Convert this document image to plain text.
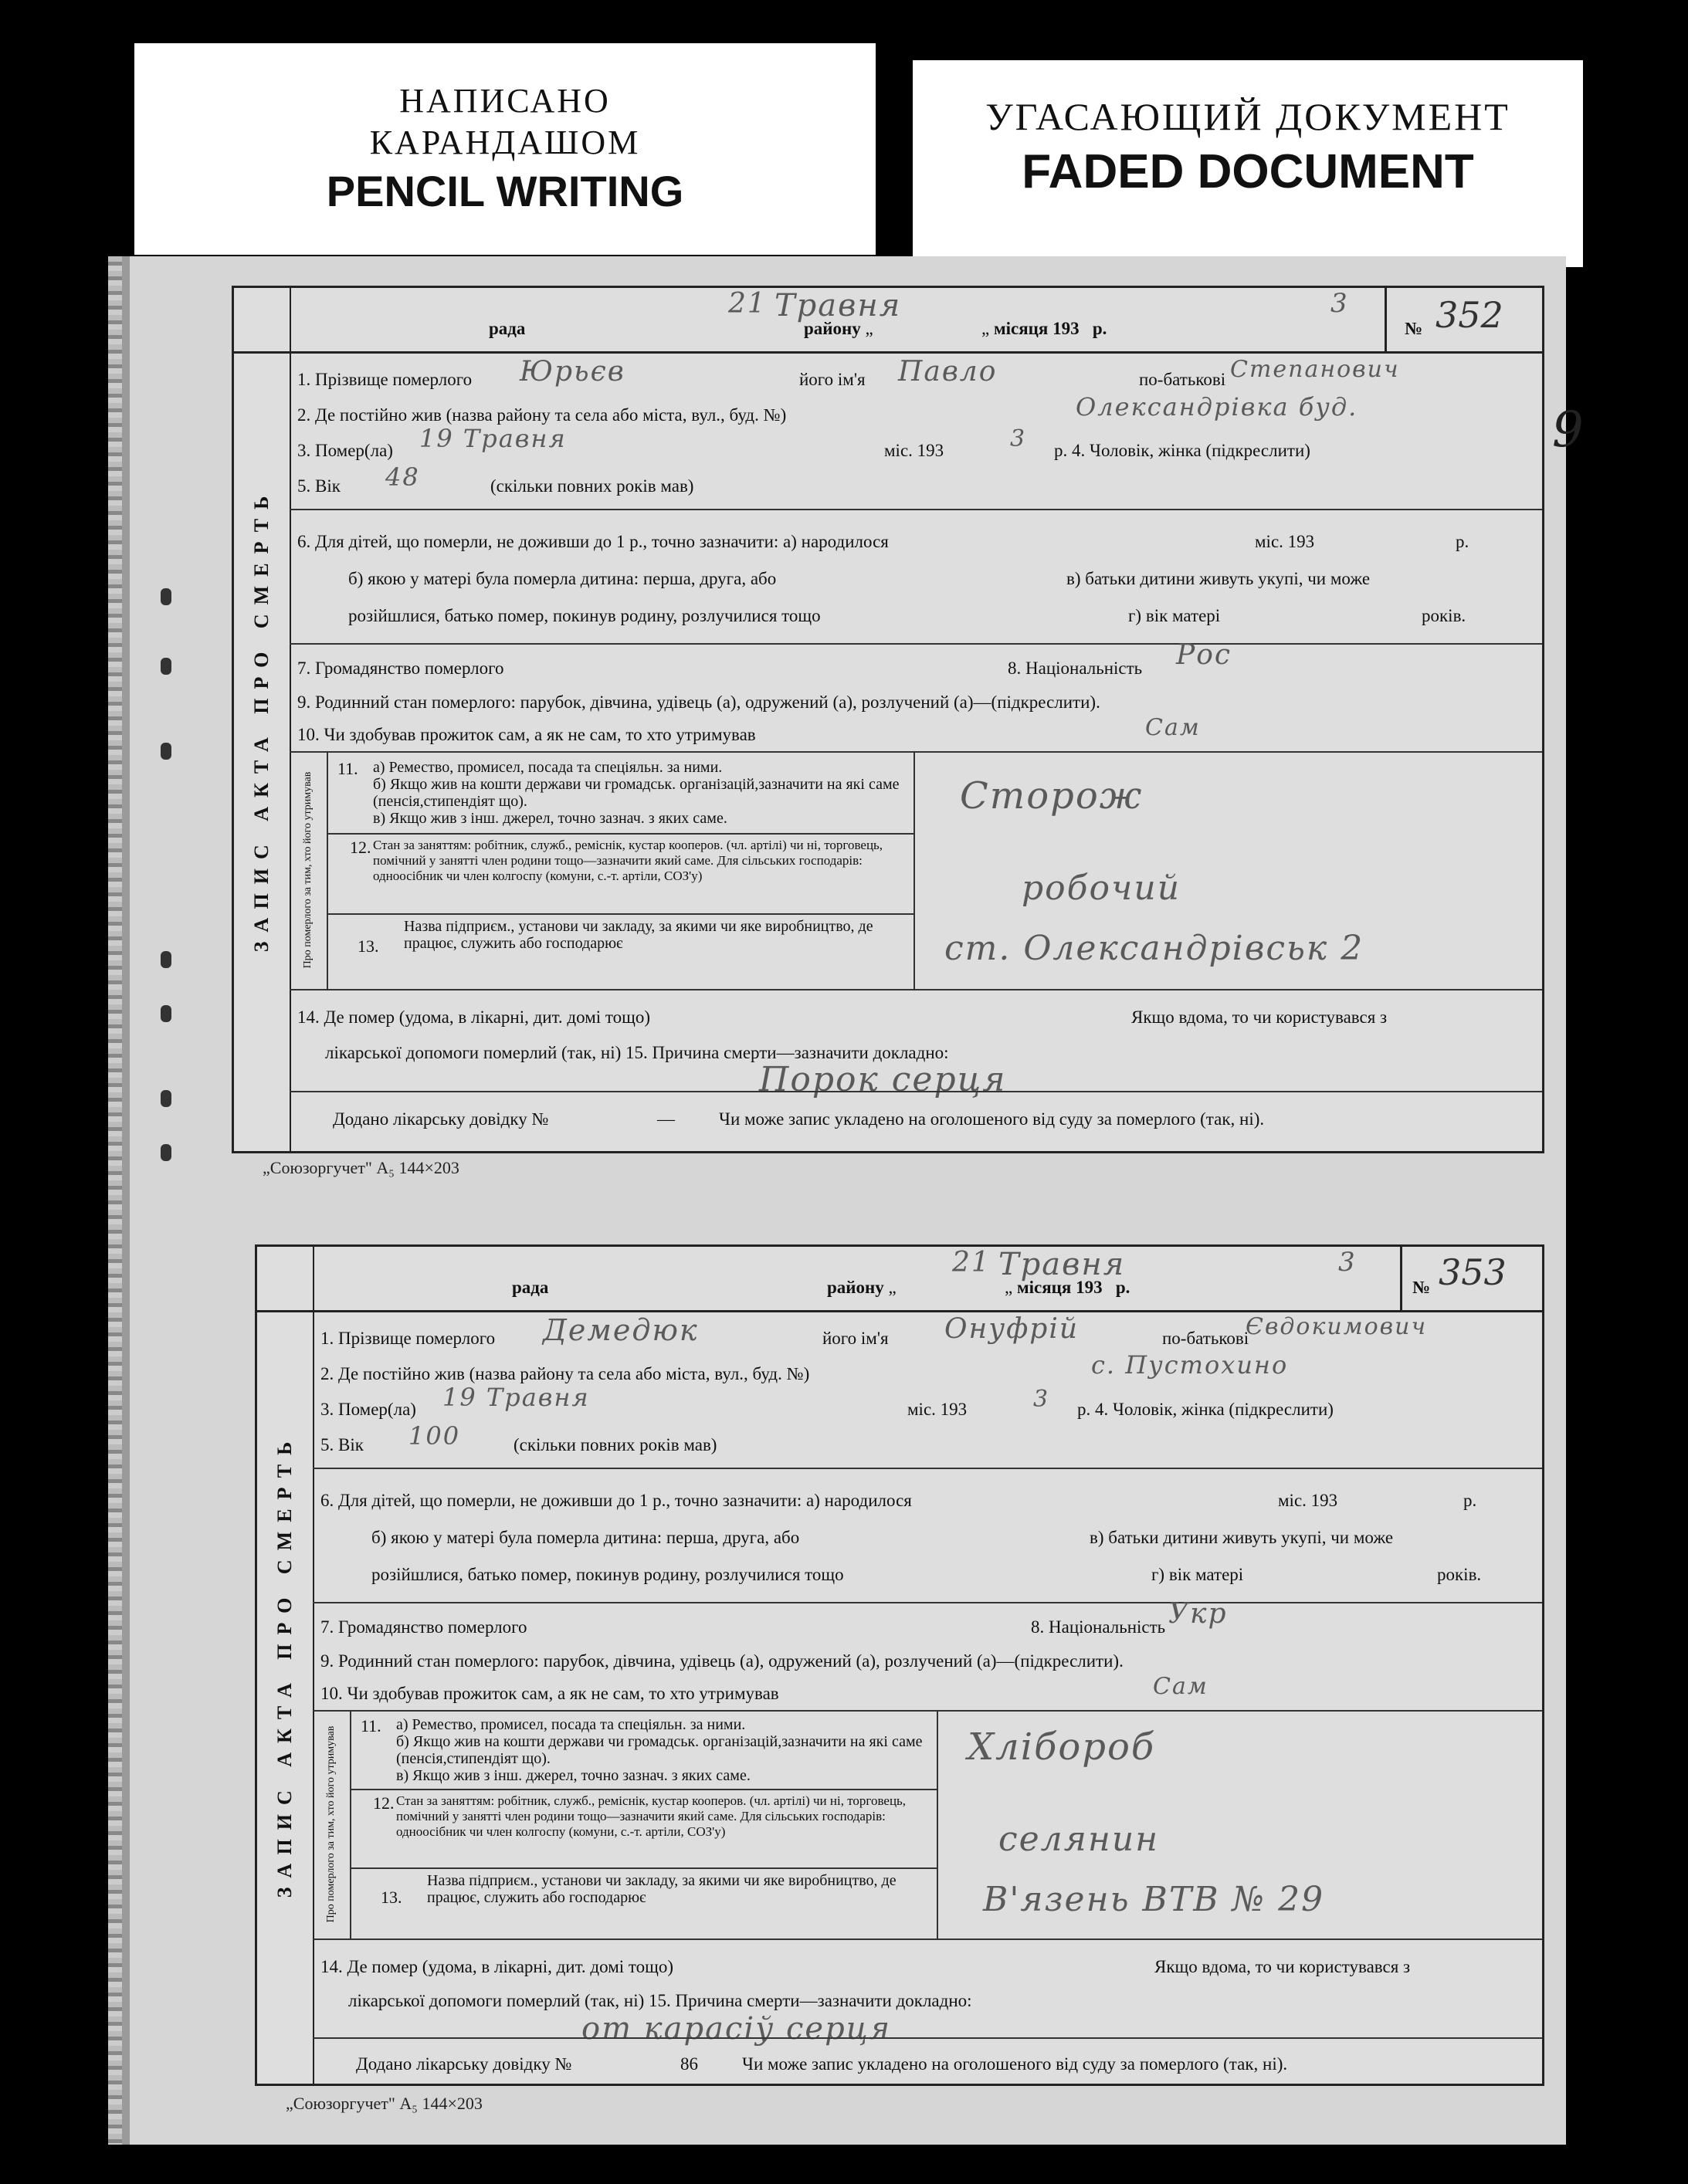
НАПИСАНО
КАРАНДАШОМ
PENCIL WRITING
УГАСАЮЩИЙ ДОКУМЕНТ
FADED DOCUMENT
рада	району „	„ місяця 193 р.	№ 352
21 Травня	3
ЗАПИС АКТА ПРО СМЕРТЬ
1. Прізвище померлого	його ім'я	по-батькові
Юрьєв	Павло	Степанович
2. Де постійно жив (назва району та села або міста, вул., буд. №)	Олександрівка буд.
3. Помер(ла)	міс. 193	р. 4. Чоловік, жінка (підкреслити)
19 Травня	3
5. Вік	(скільки повних років мав)
48
6. Для дітей, що померли, не доживши до 1 р., точно зазначити: а) народилося	міс. 193	р.
б) якою у матері була померла дитина: перша, друга, або	в) батьки дитини живуть укупі, чи може
розійшлися, батько помер, покинув родину, розлучилися тощо	г) вік матері	років.
7. Громадянство померлого	8. Національність Рос
9. Родинний стан померлого: парубок, дівчина, удівець (а), одружений (а), розлучений (а)—(підкреслити).
10. Чи здобував прожиток сам, а як не сам, то хто утримував	Сам
Про померлого за тим, хто його утримував
11. а) Ремество, промисел, посада та спеціяльн. за ними.
б) Якщо жив на кошти держави чи громадськ. організацій,зазначити на які саме (пенсія,стипендіят що).
в) Якщо жив з інш. джерел, точно зазнач. з яких саме.
12. Стан за заняттям: робітник, служб., реміснік, кустар кооперов. (чл. артілі) чи ні, торговець, помічний у занятті член родини тощо—зазначити який саме. Для сільських господарів: одноосібник чи член колгоспу (комуни, с.-т. артіли, СОЗ'у)
13.
Назва підприєм., установи чи закладу, за якими чи яке виробництво, де працює, служить або господарює
Сторож
робочий
ст. Олександрівськ 2
14. Де помер (удома, в лікарні, дит. домі тощо)	Якщо вдома, то чи користувався з
лікарської допомоги померлий (так, ні) 15. Причина смерти—зазначити докладно:
Порок серця
Додано лікарську довідку №	— Чи може запис укладено на оголошеного від суду за померлого (так, ні).
„Союзоргучет" А₅ 144×203
9
рада	району „	„ місяця 193 р.	№ 353
21 Травня	3
ЗАПИС АКТА ПРО СМЕРТЬ
1. Прізвище померлого	його ім'я	по-батькові
Демедюк	Онуфрій	Євдокимович
2. Де постійно жив (назва району та села або міста, вул., буд. №)	с. Пустохино
3. Помер(ла)	міс. 193	р. 4. Чоловік, жінка (підкреслити)
19 Травня	3
5. Вік	(скільки повних років мав)
100
6. Для дітей, що померли, не доживши до 1 р., точно зазначити: а) народилося	міс. 193	р.
б) якою у матері була померла дитина: перша, друга, або	в) батьки дитини живуть укупі, чи може
розійшлися, батько помер, покинув родину, розлучилися тощо	г) вік матері	років.
7. Громадянство померлого	8. Національність Укр
9. Родинний стан померлого: парубок, дівчина, удівець (а), одружений (а), розлучений (а)—(підкреслити).
10. Чи здобував прожиток сам, а як не сам, то хто утримував	Сам
Про померлого за тим, хто його утримував
11. а) Ремество, промисел, посада та спеціяльн. за ними.
б) Якщо жив на кошти держави чи громадськ. організацій,зазначити на які саме (пенсія,стипендіят що).
в) Якщо жив з інш. джерел, точно зазнач. з яких саме.
12. Стан за заняттям: робітник, служб., реміснік, кустар кооперов. (чл. артілі) чи ні, торговець, помічний у занятті член родини тощо—зазначити який саме. Для сільських господарів: одноосібник чи член колгоспу (комуни, с.-т. артіли, СОЗ'у)
13.
Назва підприєм., установи чи закладу, за якими чи яке виробництво, де працює, служить або господарює
Хлібороб
селянин
В'язень ВТВ № 29
14. Де помер (удома, в лікарні, дит. домі тощо)	Якщо вдома, то чи користувався з
лікарської допомоги померлий (так, ні) 15. Причина смерти—зазначити докладно:
от карасіў серця
Додано лікарську довідку №	86 Чи може запис укладено на оголошеного від суду за померлого (так, ні).
„Союзоргучет" А₅ 144×203
